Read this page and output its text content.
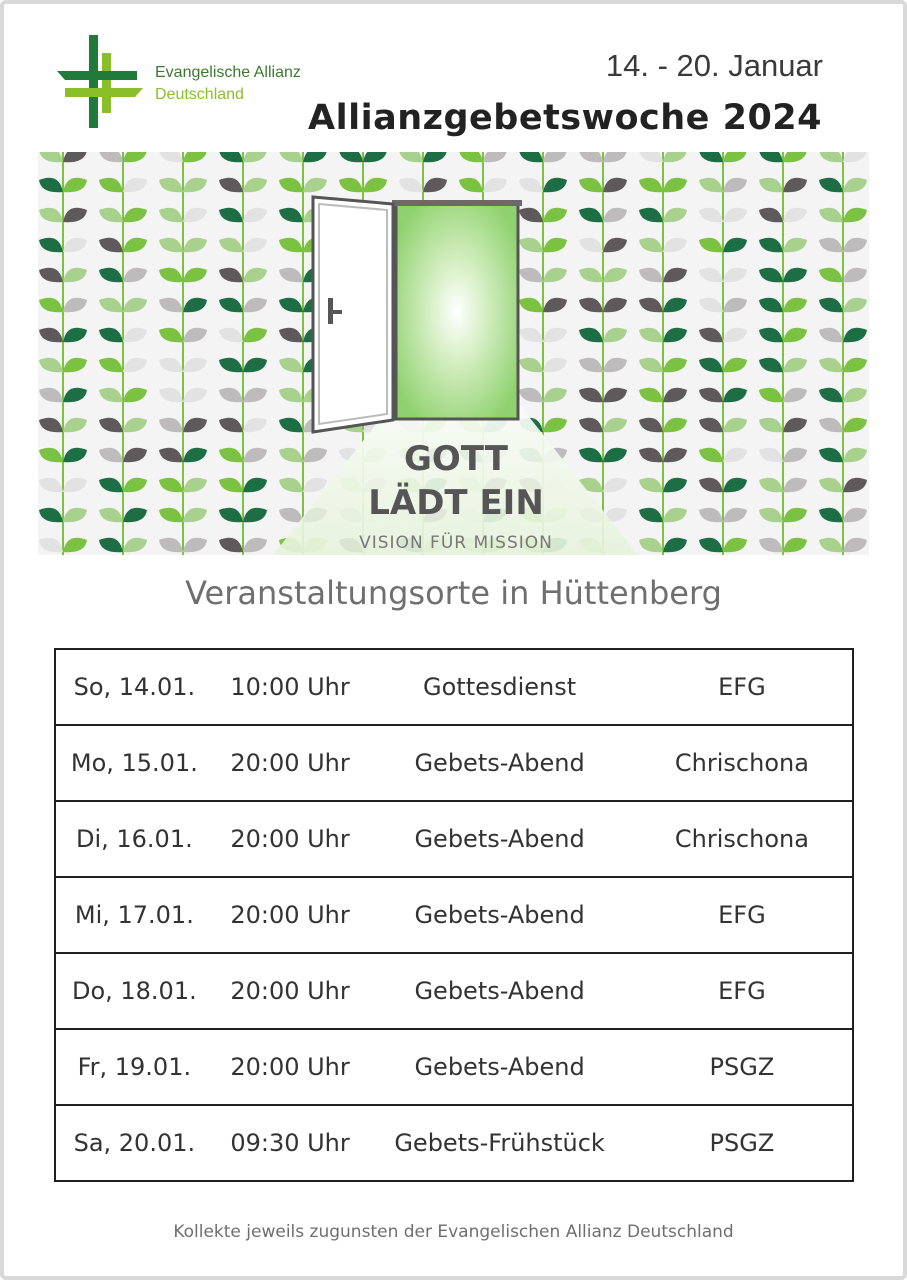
Evangelische Allianz
Deutschland
14. - 20. Januar
Allianzgebetswoche 2024
GOTT
LÄDT EIN
VISION FÜR MISSION
Veranstaltungsorte in Hüttenberg
So, 14.01.	10:00 Uhr	Gottesdienst	EFG
Mo, 15.01.	20:00 Uhr	Gebets-Abend	Chrischona
Di, 16.01.	20:00 Uhr	Gebets-Abend	Chrischona
Mi, 17.01.	20:00 Uhr	Gebets-Abend	EFG
Do, 18.01.	20:00 Uhr	Gebets-Abend	EFG
Fr, 19.01.	20:00 Uhr	Gebets-Abend	PSGZ
Sa, 20.01.	09:30 Uhr	Gebets-Frühstück	PSGZ
Kollekte jeweils zugunsten der Evangelischen Allianz Deutschland
